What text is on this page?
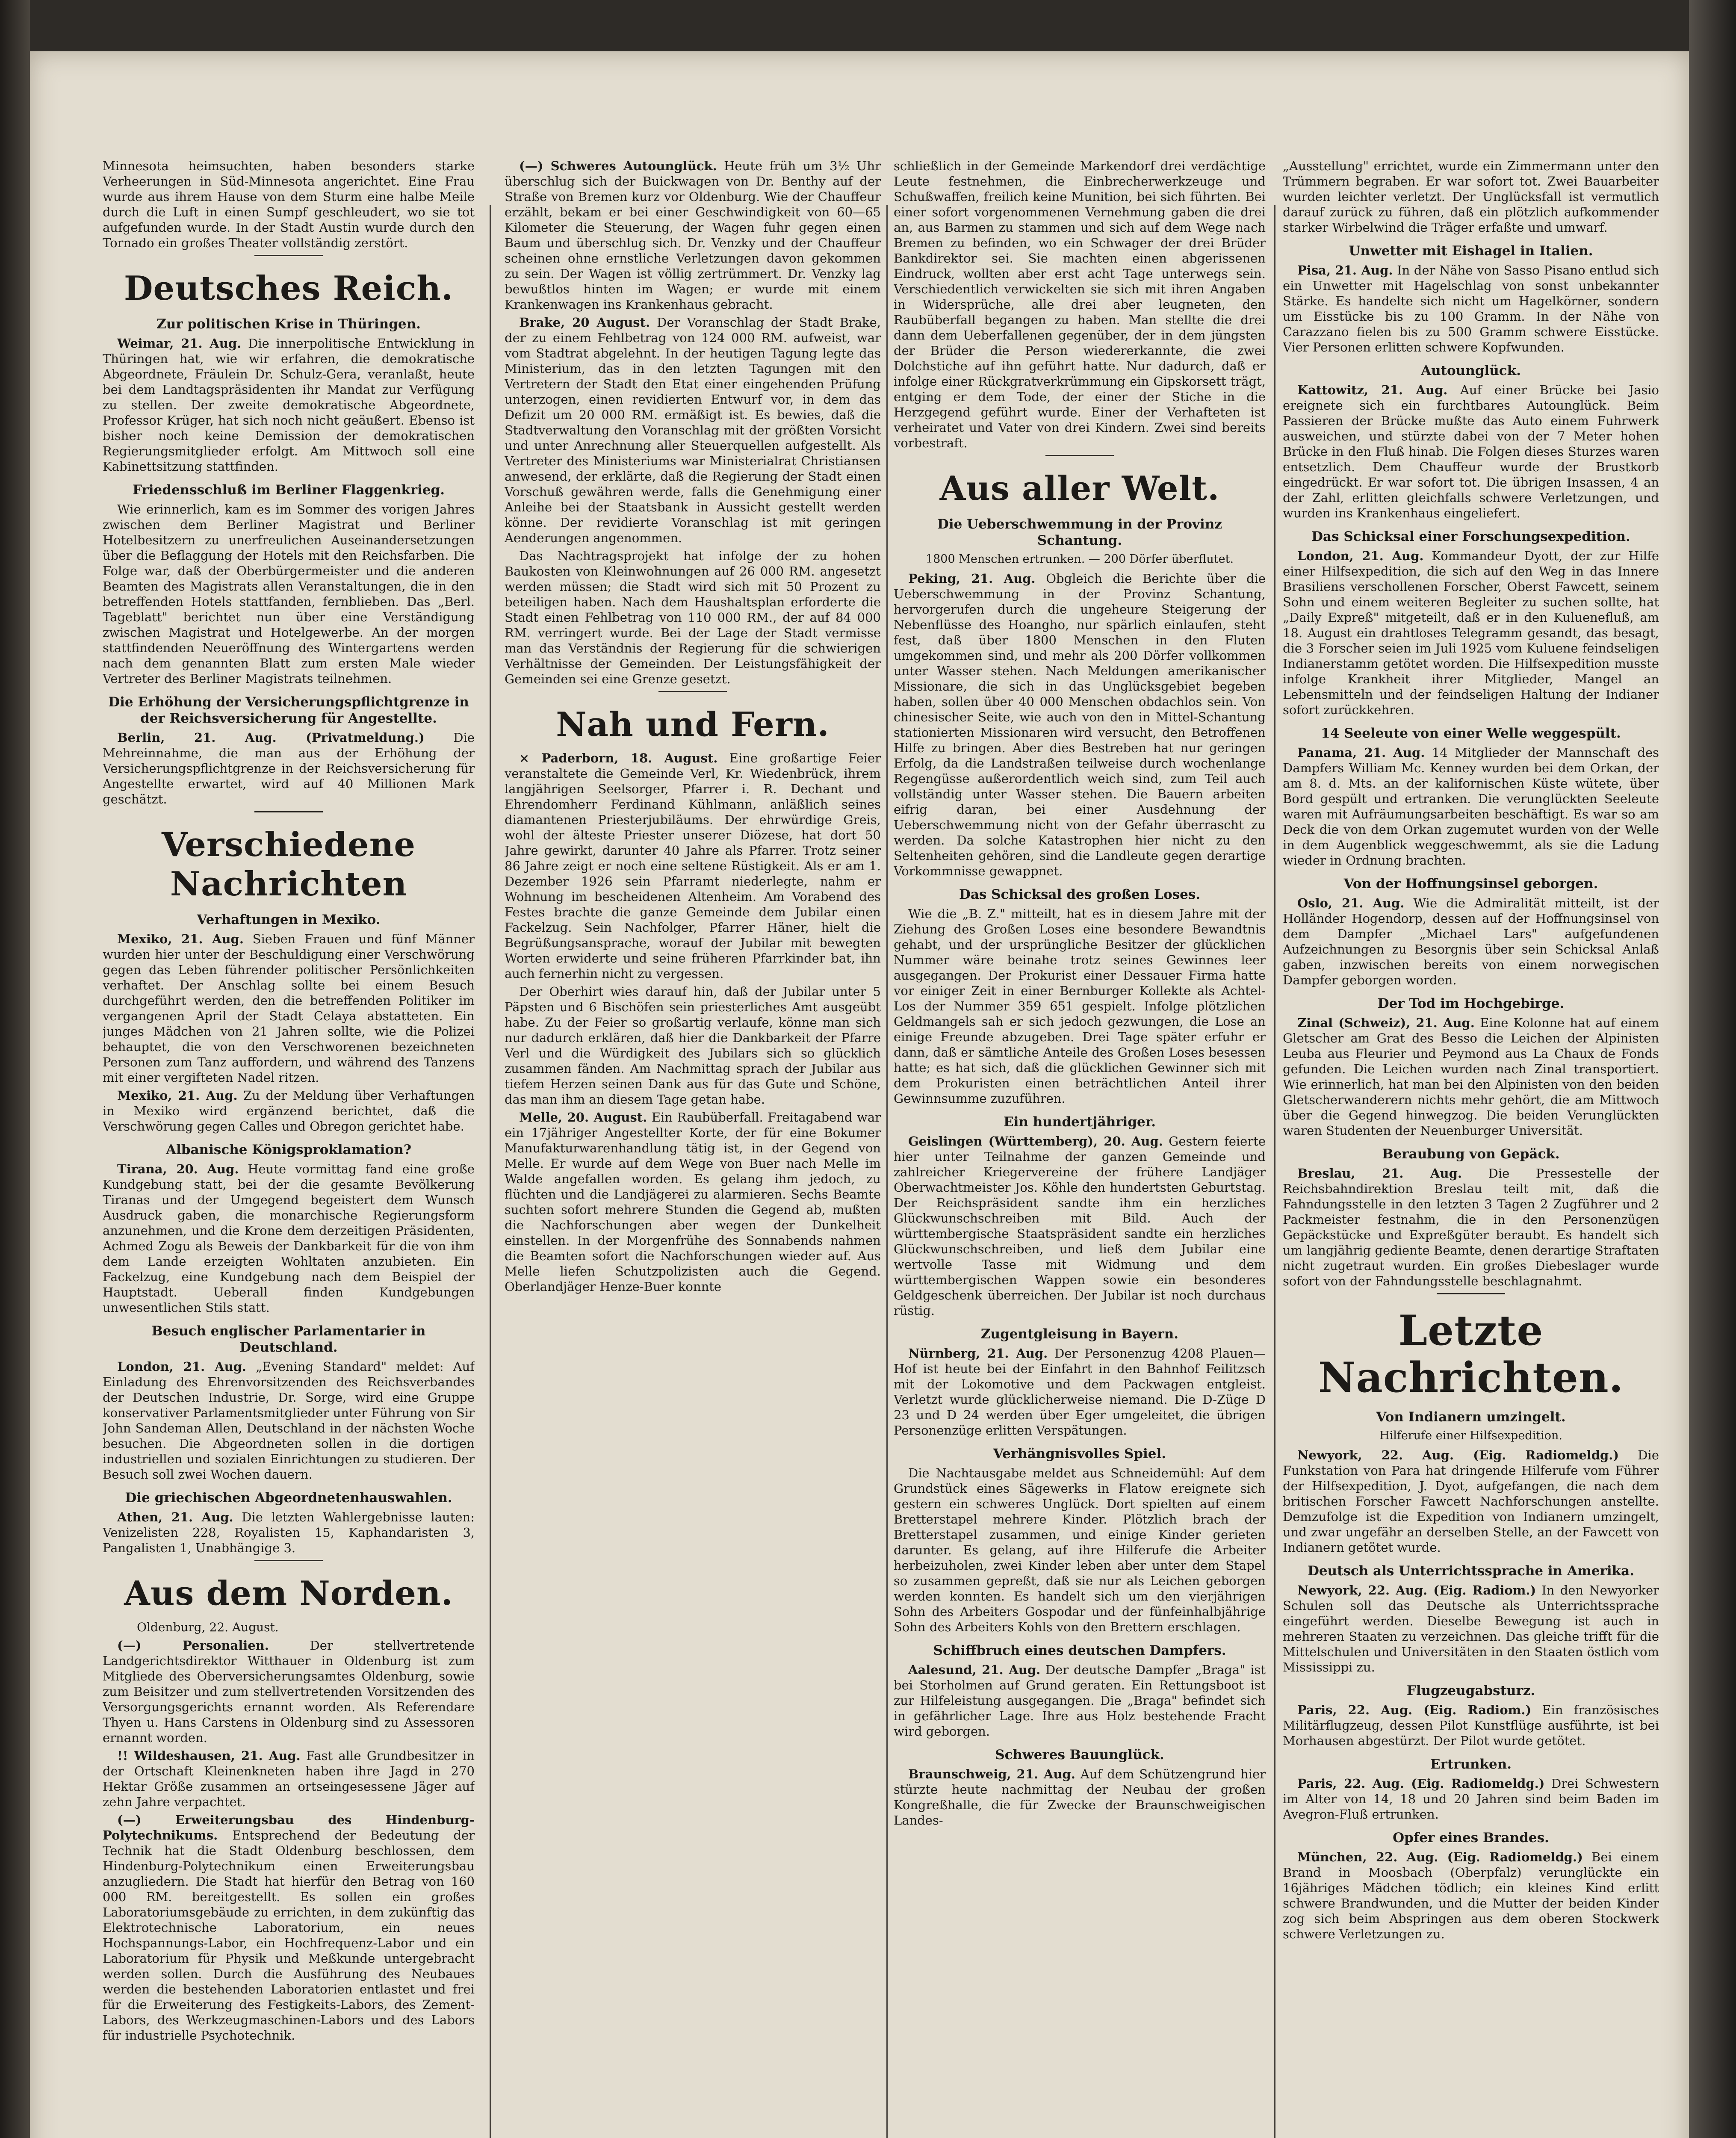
Minnesota heimsuchten, haben besonders starke Verheerungen in Süd-Minnesota angerichtet. Eine Frau wurde aus ihrem Hause von dem Sturm eine halbe Meile durch die Luft in einen Sumpf geschleudert, wo sie tot aufgefunden wurde. In der Stadt Austin wurde durch den Tornado ein großes Theater vollständig zerstört.

Deutsches Reich.
Zur politischen Krise in Thüringen.

Weimar, 21. Aug. Die innerpolitische Entwicklung in Thüringen hat, wie wir erfahren, die demokratische Abgeordnete, Fräulein Dr. Schulz-Gera, veranlaßt, heute bei dem Landtagspräsidenten ihr Mandat zur Verfügung zu stellen. Der zweite demokratische Abgeordnete, Professor Krüger, hat sich noch nicht geäußert. Ebenso ist bisher noch keine Demission der demokratischen Regierungsmitglieder erfolgt. Am Mittwoch soll eine Kabinettsitzung stattfinden.

Friedensschluß im Berliner Flaggenkrieg.

Wie erinnerlich, kam es im Sommer des vorigen Jahres zwischen dem Berliner Magistrat und Berliner Hotelbesitzern zu unerfreulichen Auseinandersetzungen über die Beflaggung der Hotels mit den Reichsfarben. Die Folge war, daß der Oberbürgermeister und die anderen Beamten des Magistrats allen Veranstaltungen, die in den betreffenden Hotels stattfanden, fernblieben. Das „Berl. Tageblatt" berichtet nun über eine Verständigung zwischen Magistrat und Hotelgewerbe. An der morgen stattfindenden Neueröffnung des Wintergartens werden nach dem genannten Blatt zum ersten Male wieder Vertreter des Berliner Magistrats teilnehmen.

Die Erhöhung der Versicherungspflichtgrenze in der Reichsversicherung für Angestellte.

Berlin, 21. Aug. (Privatmeldung.) Die Mehreinnahme, die man aus der Erhöhung der Versicherungspflichtgrenze in der Reichsversicherung für Angestellte erwartet, wird auf 40 Millionen Mark geschätzt.

Verschiedene Nachrichten
Verhaftungen in Mexiko.

Mexiko, 21. Aug. Sieben Frauen und fünf Männer wurden hier unter der Beschuldigung einer Verschwörung gegen das Leben führender politischer Persönlichkeiten verhaftet. Der Anschlag sollte bei einem Besuch durchgeführt werden, den die betreffenden Politiker im vergangenen April der Stadt Celaya abstatteten. Ein junges Mädchen von 21 Jahren sollte, wie die Polizei behauptet, die von den Verschworenen bezeichneten Personen zum Tanz auffordern, und während des Tanzens mit einer vergifteten Nadel ritzen.

Mexiko, 21. Aug. Zu der Meldung über Verhaftungen in Mexiko wird ergänzend berichtet, daß die Verschwörung gegen Calles und Obregon gerichtet habe.

Albanische Königsproklamation?

Tirana, 20. Aug. Heute vormittag fand eine große Kundgebung statt, bei der die gesamte Bevölkerung Tiranas und der Umgegend begeistert dem Wunsch Ausdruck gaben, die monarchische Regierungsform anzunehmen, und die Krone dem derzeitigen Präsidenten, Achmed Zogu als Beweis der Dankbarkeit für die von ihm dem Lande erzeigten Wohltaten anzubieten. Ein Fackelzug, eine Kundgebung nach dem Beispiel der Hauptstadt. Ueberall finden Kundgebungen unwesentlichen Stils statt.

Besuch englischer Parlamentarier in Deutschland.

London, 21. Aug. „Evening Standard" meldet: Auf Einladung des Ehrenvorsitzenden des Reichsverbandes der Deutschen Industrie, Dr. Sorge, wird eine Gruppe konservativer Parlamentsmitglieder unter Führung von Sir John Sandeman Allen, Deutschland in der nächsten Woche besuchen. Die Abgeordneten sollen in die dortigen industriellen und sozialen Einrichtungen zu studieren. Der Besuch soll zwei Wochen dauern.

Die griechischen Abgeordnetenhauswahlen.

Athen, 21. Aug. Die letzten Wahlergebnisse lauten: Venizelisten 228, Royalisten 15, Kaphandaristen 3, Pangalisten 1, Unabhängige 3.

Aus dem Norden.

Oldenburg, 22. August.

(—) Personalien.	Der stellvertretende Landgerichtsdirektor Witthauer in Oldenburg ist zum Mitgliede des Oberversicherungsamtes Oldenburg, sowie zum Beisitzer und zum stellvertretenden Vorsitzenden des Versorgungsgerichts ernannt worden. Als Referendare Thyen u. Hans Carstens in Oldenburg sind zu Assessoren ernannt worden.

!! Wildeshausen, 21. Aug. Fast alle Grundbesitzer in der Ortschaft Kleinenkneten haben ihre Jagd in 270 Hektar Größe zusammen an ortseingesessene Jäger auf zehn Jahre verpachtet.

(—) Erweiterungsbau des Hindenburg-Polytechnikums. Entsprechend der Bedeutung der Technik hat die Stadt Oldenburg beschlossen, dem Hindenburg-Polytechnikum einen Erweiterungsbau anzugliedern. Die Stadt hat hierfür den Betrag von 160 000 RM. bereitgestellt. Es sollen ein großes Laboratoriumsgebäude zu errichten, in dem zukünftig das Elektrotechnische Laboratorium, ein neues Hochspannungs-Labor, ein Hochfrequenz-Labor und ein Laboratorium für Physik und Meßkunde untergebracht werden sollen. Durch die Ausführung des Neubaues werden die bestehenden Laboratorien entlastet und frei für die Erweiterung des Festigkeits-Labors, des Zement-Labors, des Werkzeugmaschinen-Labors und des Labors für industrielle Psychotechnik.

(—) Schweres Autounglück. Heute früh um 3½ Uhr überschlug sich der Buickwagen von Dr. Benthy auf der Straße von Bremen kurz vor Oldenburg. Wie der Chauffeur erzählt, bekam er bei einer Geschwindigkeit von 60—65 Kilometer die Steuerung, der Wagen fuhr gegen einen Baum und überschlug sich. Dr. Venzky und der Chauffeur scheinen ohne ernstliche Verletzungen davon gekommen zu sein. Der Wagen ist völlig zertrümmert. Dr. Venzky lag bewußtlos hinten im Wagen; er wurde mit einem Krankenwagen ins Krankenhaus gebracht.

Brake, 20 August. Der Voranschlag der Stadt Brake, der zu einem Fehlbetrag von 124 000 RM. aufweist, war vom Stadtrat abgelehnt. In der heutigen Tagung legte das Ministerium, das in den letzten Tagungen mit den Vertretern der Stadt den Etat einer eingehenden Prüfung unterzogen, einen revidierten Entwurf vor, in dem das Defizit um 20 000 RM. ermäßigt ist. Es bewies, daß die Stadtverwaltung den Voranschlag mit der größten Vorsicht und unter Anrechnung aller Steuerquellen aufgestellt. Als Vertreter des Ministeriums war Ministerialrat Christiansen anwesend, der erklärte, daß die Regierung der Stadt einen Vorschuß gewähren werde, falls die Genehmigung einer Anleihe bei der Staatsbank in Aussicht gestellt werden könne. Der revidierte Voranschlag ist mit geringen Aenderungen angenommen.

Das Nachtragsprojekt hat infolge der zu hohen Baukosten von Kleinwohnungen auf 26 000 RM. angesetzt werden müssen; die Stadt wird sich mit 50 Prozent zu beteiligen haben. Nach dem Haushaltsplan erforderte die Stadt einen Fehlbetrag von 110 000 RM., der auf 84 000 RM. verringert wurde. Bei der Lage der Stadt vermisse man das Verständnis der Regierung für die schwierigen Verhältnisse der Gemeinden. Der Leistungsfähigkeit der Gemeinden sei eine Grenze gesetzt.

Nah und Fern.

× Paderborn, 18. August. Eine großartige Feier veranstaltete die Gemeinde Verl, Kr. Wiedenbrück, ihrem langjährigen Seelsorger, Pfarrer i. R. Dechant und Ehrendomherr Ferdinand Kühlmann, anläßlich seines diamantenen Priesterjubiläums. Der ehrwürdige Greis, wohl der älteste Priester unserer Diözese, hat dort 50 Jahre gewirkt, darunter 40 Jahre als Pfarrer. Trotz seiner 86 Jahre zeigt er noch eine seltene Rüstigkeit. Als er am 1. Dezember 1926 sein Pfarramt niederlegte, nahm er Wohnung im bescheidenen Altenheim. Am Vorabend des Festes brachte die ganze Gemeinde dem Jubilar einen Fackelzug. Sein Nachfolger, Pfarrer Häner, hielt die Begrüßungsansprache, worauf der Jubilar mit bewegten Worten erwiderte und seine früheren Pfarrkinder bat, ihn auch fernerhin nicht zu vergessen.

Der Oberhirt wies darauf hin, daß der Jubilar unter 5 Päpsten und 6 Bischöfen sein priesterliches Amt ausgeübt habe. Zu der Feier so großartig verlaufe, könne man sich nur dadurch erklären, daß hier die Dankbarkeit der Pfarre Verl und die Würdigkeit des Jubilars sich so glücklich zusammen fänden. Am Nachmittag sprach der Jubilar aus tiefem Herzen seinen Dank aus für das Gute und Schöne, das man ihm an diesem Tage getan habe.

Melle, 20. August. Ein Raubüberfall. Freitagabend war ein 17jähriger Angestellter Korte, der für eine Bokumer Manufakturwarenhandlung tätig ist, in der Gegend von Melle. Er wurde auf dem Wege von Buer nach Melle im Walde angefallen worden. Es gelang ihm jedoch, zu flüchten und die Landjägerei zu alarmieren. Sechs Beamte suchten sofort mehrere Stunden die Gegend ab, mußten die Nachforschungen aber wegen der Dunkelheit einstellen. In der Morgenfrühe des Sonnabends nahmen die Beamten sofort die Nachforschungen wieder auf. Aus Melle liefen Schutzpolizisten auch die Gegend. Oberlandjäger Henze-Buer konnte

schließlich in der Gemeinde Markendorf drei verdächtige Leute festnehmen, die Einbrecherwerkzeuge und Schußwaffen, freilich keine Munition, bei sich führten. Bei einer sofort vorgenommenen Vernehmung gaben die drei an, aus Barmen zu stammen und sich auf dem Wege nach Bremen zu befinden, wo ein Schwager der drei Brüder Bankdirektor sei. Sie machten einen abgerissenen Eindruck, wollten aber erst acht Tage unterwegs sein. Verschiedentlich verwickelten sie sich mit ihren Angaben in Widersprüche, alle drei aber leugneten, den Raubüberfall begangen zu haben. Man stellte die drei dann dem Ueberfallenen gegenüber, der in dem jüngsten der Brüder die Person wiedererkannte, die zwei Dolchstiche auf ihn geführt hatte. Nur dadurch, daß er infolge einer Rückgratverkrümmung ein Gipskorsett trägt, entging er dem Tode, der einer der Stiche in die Herzgegend geführt wurde. Einer der Verhafteten ist verheiratet und Vater von drei Kindern. Zwei sind bereits vorbestraft.

Aus aller Welt.
Die Ueberschwemmung in der Provinz Schantung.
1800 Menschen ertrunken. — 200 Dörfer überflutet.

Peking, 21. Aug. Obgleich die Berichte über die Ueberschwemmung in der Provinz Schantung, hervorgerufen durch die ungeheure Steigerung der Nebenflüsse des Hoangho, nur spärlich einlaufen, steht fest, daß über 1800 Menschen in den Fluten umgekommen sind, und mehr als 200 Dörfer vollkommen unter Wasser stehen. Nach Meldungen amerikanischer Missionare, die sich in das Unglücksgebiet begeben haben, sollen über 40 000 Menschen obdachlos sein. Von chinesischer Seite, wie auch von den in Mittel-Schantung stationierten Missionaren wird versucht, den Betroffenen Hilfe zu bringen. Aber dies Bestreben hat nur geringen Erfolg, da die Landstraßen teilweise durch wochenlange Regengüsse außerordentlich weich sind, zum Teil auch vollständig unter Wasser stehen. Die Bauern arbeiten eifrig daran, bei einer Ausdehnung der Ueberschwemmung nicht von der Gefahr überrascht zu werden. Da solche Katastrophen hier nicht zu den Seltenheiten gehören, sind die Landleute gegen derartige Vorkommnisse gewappnet.

Das Schicksal des großen Loses.

Wie die „B. Z." mitteilt, hat es in diesem Jahre mit der Ziehung des Großen Loses eine besondere Bewandtnis gehabt, und der ursprüngliche Besitzer der glücklichen Nummer wäre beinahe trotz seines Gewinnes leer ausgegangen. Der Prokurist einer Dessauer Firma hatte vor einiger Zeit in einer Bernburger Kollekte als Achtel-Los der Nummer 359 651 gespielt. Infolge plötzlichen Geldmangels sah er sich jedoch gezwungen, die Lose an einige Freunde abzugeben. Drei Tage später erfuhr er dann, daß er sämtliche Anteile des Großen Loses besessen hatte; es hat sich, daß die glücklichen Gewinner sich mit dem Prokuristen einen beträchtlichen Anteil ihrer Gewinnsumme zuzuführen.

Ein hundertjähriger.

Geislingen (Württemberg), 20. Aug. Gestern feierte hier unter Teilnahme der ganzen Gemeinde und zahlreicher Kriegervereine der frühere Landjäger Oberwachtmeister Jos. Köhle den hundertsten Geburtstag. Der Reichspräsident sandte ihm ein herzliches Glückwunschschreiben mit Bild. Auch der württembergische Staatspräsident sandte ein herzliches Glückwunschschreiben, und ließ dem Jubilar eine wertvolle Tasse mit Widmung und dem württembergischen Wappen sowie ein besonderes Geldgeschenk überreichen. Der Jubilar ist noch durchaus rüstig.

Zugentgleisung in Bayern.

Nürnberg, 21. Aug. Der Personenzug 4208 Plauen—Hof ist heute bei der Einfahrt in den Bahnhof Feilitzsch mit der Lokomotive und dem Packwagen entgleist. Verletzt wurde glücklicherweise niemand. Die D-Züge D 23 und D 24 werden über Eger umgeleitet, die übrigen Personenzüge erlitten Verspätungen.

Verhängnisvolles Spiel.

Die Nachtausgabe meldet aus Schneidemühl: Auf dem Grundstück eines Sägewerks in Flatow ereignete sich gestern ein schweres Unglück. Dort spielten auf einem Bretterstapel mehrere Kinder. Plötzlich brach der Bretterstapel zusammen, und einige Kinder gerieten darunter. Es gelang, auf ihre Hilferufe die Arbeiter herbeizuholen, zwei Kinder leben aber unter dem Stapel so zusammen gepreßt, daß sie nur als Leichen geborgen werden konnten. Es handelt sich um den vierjährigen Sohn des Arbeiters Gospodar und der fünfeinhalbjährige Sohn des Arbeiters Kohls von den Brettern erschlagen.

Schiffbruch eines deutschen Dampfers.

Aalesund, 21. Aug. Der deutsche Dampfer „Braga" ist bei Storholmen auf Grund geraten. Ein Rettungsboot ist zur Hilfeleistung ausgegangen. Die „Braga" befindet sich in gefährlicher Lage. Ihre aus Holz bestehende Fracht wird geborgen.

Schweres Bauunglück.

Braunschweig, 21. Aug. Auf dem Schützengrund hier stürzte heute nachmittag der Neubau der großen Kongreßhalle, die für Zwecke der Braunschweigischen Landes-

„Ausstellung" errichtet, wurde ein Zimmermann unter den Trümmern begraben. Er war sofort tot. Zwei Bauarbeiter wurden leichter verletzt. Der Unglücksfall ist vermutlich darauf zurück zu führen, daß ein plötzlich aufkommender starker Wirbelwind die Träger erfaßte und umwarf.

Unwetter mit Eishagel in Italien.

Pisa, 21. Aug. In der Nähe von Sasso Pisano entlud sich ein Unwetter mit Hagelschlag von sonst unbekannter Stärke. Es handelte sich nicht um Hagelkörner, sondern um Eisstücke bis zu 100 Gramm. In der Nähe von Carazzano fielen bis zu 500 Gramm schwere Eisstücke. Vier Personen erlitten schwere Kopfwunden.

Autounglück.

Kattowitz, 21. Aug. Auf einer Brücke bei Jasio ereignete sich ein furchtbares Autounglück. Beim Passieren der Brücke mußte das Auto einem Fuhrwerk ausweichen, und stürzte dabei von der 7 Meter hohen Brücke in den Fluß hinab. Die Folgen dieses Sturzes waren entsetzlich. Dem Chauffeur wurde der Brustkorb eingedrückt. Er war sofort tot. Die übrigen Insassen, 4 an der Zahl, erlitten gleichfalls schwere Verletzungen, und wurden ins Krankenhaus eingeliefert.

Das Schicksal einer Forschungsexpedition.

London, 21. Aug. Kommandeur Dyott, der zur Hilfe einer Hilfsexpedition, die sich auf den Weg in das Innere Brasiliens verschollenen Forscher, Oberst Fawcett, seinem Sohn und einem weiteren Begleiter zu suchen sollte, hat „Daily Expreß" mitgeteilt, daß er in den Kuluenefluß, am 18. August ein drahtloses Telegramm gesandt, das besagt, die 3 Forscher seien im Juli 1925 vom Kuluene feindseligen Indianerstamm getötet worden. Die Hilfsexpedition musste infolge Krankheit ihrer Mitglieder, Mangel an Lebensmitteln und der feindseligen Haltung der Indianer sofort zurückkehren.

14 Seeleute von einer Welle weggespült.

Panama, 21. Aug. 14 Mitglieder der Mannschaft des Dampfers William Mc. Kenney wurden bei dem Orkan, der am 8. d. Mts. an der kalifornischen Küste wütete, über Bord gespült und ertranken. Die verunglückten Seeleute waren mit Aufräumungsarbeiten beschäftigt. Es war so am Deck die von dem Orkan zugemutet wurden von der Welle in dem Augenblick weggeschwemmt, als sie die Ladung wieder in Ordnung brachten.

Von der Hoffnungsinsel geborgen.

Oslo, 21. Aug. Wie die Admiralität mitteilt, ist der Holländer Hogendorp, dessen auf der Hoffnungsinsel von dem Dampfer „Michael Lars" aufgefundenen Aufzeichnungen zu Besorgnis über sein Schicksal Anlaß gaben, inzwischen bereits von einem norwegischen Dampfer geborgen worden.

Der Tod im Hochgebirge.

Zinal (Schweiz), 21. Aug. Eine Kolonne hat auf einem Gletscher am Grat des Besso die Leichen der Alpinisten Leuba aus Fleurier und Peymond aus La Chaux de Fonds gefunden. Die Leichen wurden nach Zinal transportiert. Wie erinnerlich, hat man bei den Alpinisten von den beiden Gletscherwanderern nichts mehr gehört, die am Mittwoch über die Gegend hinwegzog. Die beiden Verunglückten waren Studenten der Neuenburger Universität.

Beraubung von Gepäck.

Breslau, 21. Aug. Die Pressestelle der Reichsbahndirektion Breslau teilt mit, daß die Fahndungsstelle in den letzten 3 Tagen 2 Zugführer und 2 Packmeister festnahm, die in den Personenzügen Gepäckstücke und Expreßgüter beraubt. Es handelt sich um langjährig gediente Beamte, denen derartige Straftaten nicht zugetraut wurden. Ein großes Diebeslager wurde sofort von der Fahndungsstelle beschlagnahmt.

Letzte Nachrichten.
Von Indianern umzingelt.
Hilferufe einer Hilfsexpedition.

Newyork, 22. Aug. (Eig. Radiomeldg.) Die Funkstation von Para hat dringende Hilferufe vom Führer der Hilfsexpedition, J. Dyot, aufgefangen, die nach dem britischen Forscher Fawcett Nachforschungen anstellte. Demzufolge ist die Expedition von Indianern umzingelt, und zwar ungefähr an derselben Stelle, an der Fawcett von Indianern getötet wurde.

Deutsch als Unterrichtssprache in Amerika.

Newyork, 22. Aug. (Eig. Radiom.) In den Newyorker Schulen soll das Deutsche als Unterrichtssprache eingeführt werden. Dieselbe Bewegung ist auch in mehreren Staaten zu verzeichnen. Das gleiche trifft für die Mittelschulen und Universitäten in den Staaten östlich vom Mississippi zu.

Flugzeugabsturz.

Paris, 22. Aug. (Eig. Radiom.) Ein französisches Militärflugzeug, dessen Pilot Kunstflüge ausführte, ist bei Morhausen abgestürzt. Der Pilot wurde getötet.

Ertrunken.

Paris, 22. Aug. (Eig. Radiomeldg.) Drei Schwestern im Alter von 14, 18 und 20 Jahren sind beim Baden im Avegron-Fluß ertrunken.

Opfer eines Brandes.

München, 22. Aug. (Eig. Radiomeldg.) Bei einem Brand in Moosbach (Oberpfalz) verunglückte ein 16jähriges Mädchen tödlich; ein kleines Kind erlitt schwere Brandwunden, und die Mutter der beiden Kinder zog sich beim Abspringen aus dem oberen Stockwerk schwere Verletzungen zu.
